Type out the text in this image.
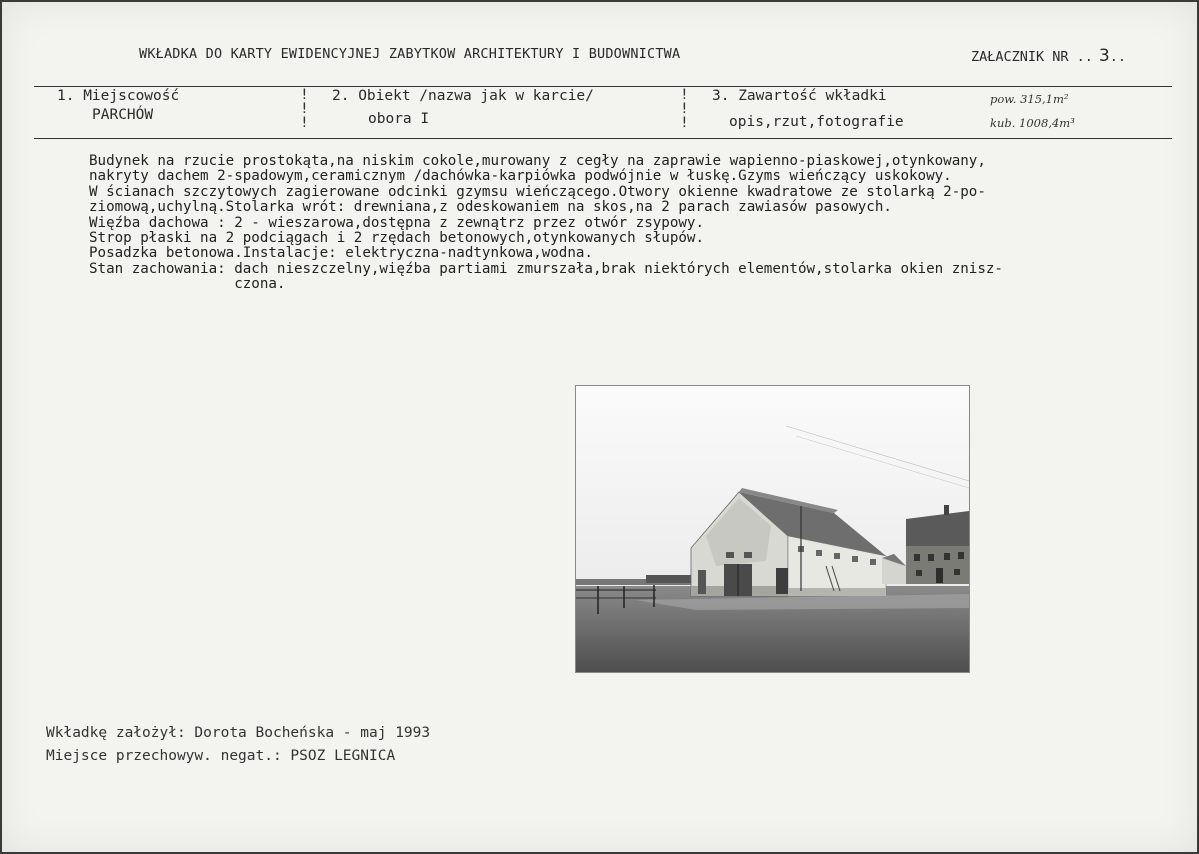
WKŁADKA DO KARTY EWIDENCYJNEJ ZABYTKOW ARCHITEKTURY I BUDOWNICTWA	ZAŁACZNIK NR .. 3..
1. Miejscowość
PARCHÓW
!
!
!
2. Obiekt /nazwa jak w karcie/
obora I
!
!
!
3. Zawartość wkładki
opis,rzut,fotografie
pow. 315,1m²
kub. 1008,4m³
Budynek na rzucie prostokąta,na niskim cokole,murowany z cegły na zaprawie wapienno-piaskowej,otynkowany,
nakryty dachem 2-spadowym,ceramicznym /dachówka-karpiówka podwójnie w łuskę.Gzyms wieńczący uskokowy.
W ścianach szczytowych zagierowane odcinki gzymsu wieńczącego.Otwory okienne kwadratowe ze stolarką 2-po-
ziomową,uchylną.Stolarka wrót: drewniana,z odeskowaniem na skos,na 2 parach zawiasów pasowych.
Więźba dachowa : 2 - wieszarowa,dostępna z zewnątrz przez otwór zsypowy.
Strop płaski na 2 podciągach i 2 rzędach betonowych,otynkowanych słupów.
Posadzka betonowa.Instalacje: elektryczna-nadtynkowa,wodna.
Stan zachowania: dach nieszczelny,więźba partiami zmurszała,brak niektórych elementów,stolarka okien znisz-
czona.
Wkładkę założył: Dorota Bocheńska - maj 1993
Miejsce przechowyw. negat.: PSOZ LEGNICA
